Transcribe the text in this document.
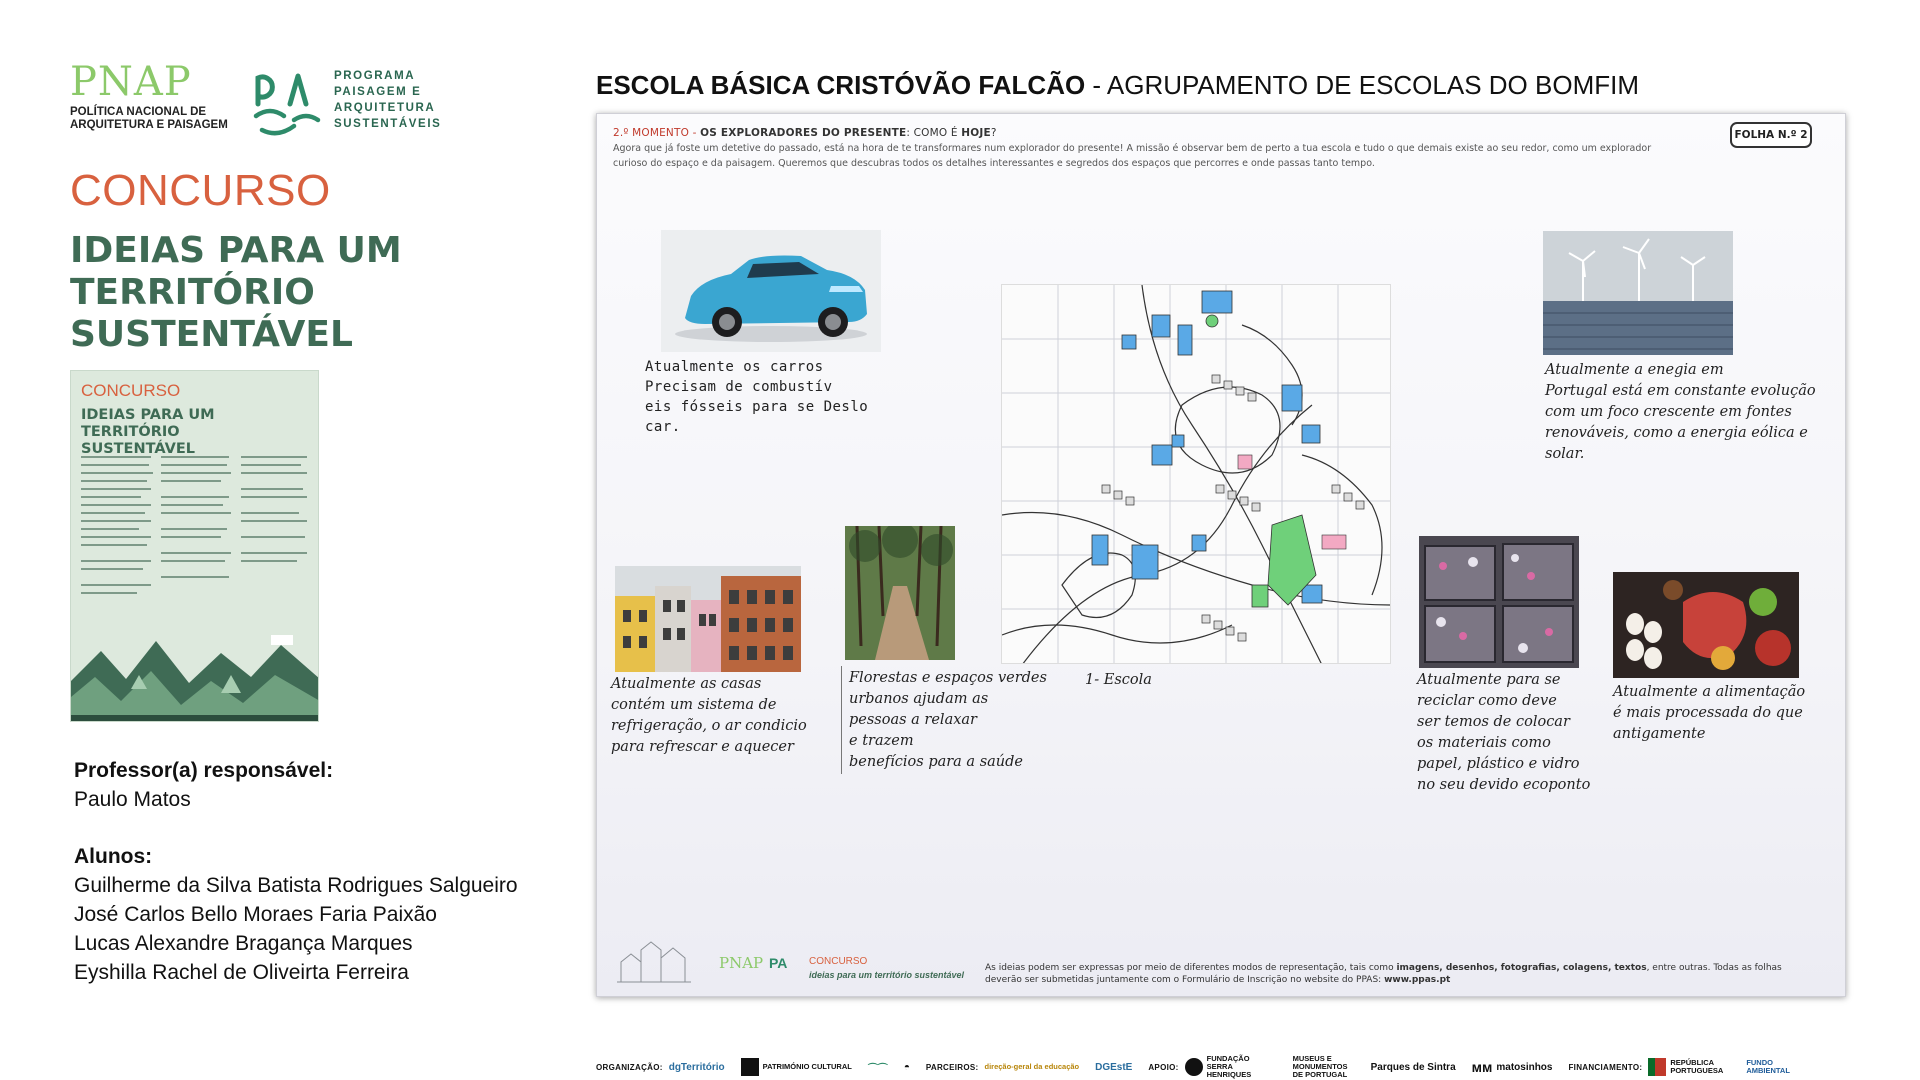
PNAP
POLÍTICA NACIONAL DE
ARQUITETURA E PAISAGEM
PROGRAMA
PAISAGEM E
ARQUITETURA
SUSTENTÁVEIS
CONCURSO
IDEIAS PARA UM
TERRITÓRIO
SUSTENTÁVEL
CONCURSO
IDEIAS PARA UM
TERRITÓRIO SUSTENTÁVEL
Professor(a) responsável:
Paulo Matos
Alunos:
Guilherme da Silva Batista Rodrigues Salgueiro
José Carlos Bello Moraes Faria Paixão
Lucas Alexandre Bragança Marques
Eyshilla Rachel de Oliveirta Ferreira
ESCOLA BÁSICA CRISTÓVÃO FALCÃO - AGRUPAMENTO DE ESCOLAS DO BOMFIM
2.º MOMENTO - OS EXPLORADORES DO PRESENTE: COMO É HOJE?
Agora que já foste um detetive do passado, está na hora de te transformares num explorador do presente! A missão é observar bem de perto a tua escola e tudo o que demais existe ao seu redor, como um explorador curioso do espaço e da paisagem. Queremos que descubras todos os detalhes interessantes e segredos dos espaços que percorres e onde passas tanto tempo.
FOLHA N.º 2
Atualmente os carros
Precisam de combustív
eis fósseis para se Deslo
car.
Atualmente a enegia em
Portugal está em constante evolução
com um foco crescente em fontes
renováveis, como a energia eólica e
solar.
1- Escola
Atualmente as casas
contém um sistema de
refrigeração, o ar condicio
para refrescar e aquecer
Florestas e espaços verdes
urbanos ajudam as
pessoas a relaxar
e trazem
benefícios para a saúde
Atualmente para se
reciclar como deve
ser temos de colocar
os materiais como
papel, plástico e vidro
no seu devido ecoponto
Atualmente a alimentação
é mais processada do que
antigamente
PNAP PA CONCURSO
ideias para um território sustentável
As ideias podem ser expressas por meio de diferentes modos de representação, tais como imagens, desenhos, fotografias, colagens, textos, entre outras. Todas as folhas deverão ser submetidas juntamente com o Formulário de Inscrição no website do PPAS: www.ppas.pt
ORGANIZAÇÃO: dgTerritório	PATRIMÓNIO CULTURAL ⌒⌒ ◓ PARCEIROS: direção-geral da educação DGEstE APOIO:
FUNDAÇÃO SERRA HENRIQUES
MUSEUS E MONUMENTOS DE PORTUGAL
Parques de Sintra ᴍᴍ matosinhos FINANCIAMENTO:	REPÚBLICA PORTUGUESA
FUNDO AMBIENTAL
